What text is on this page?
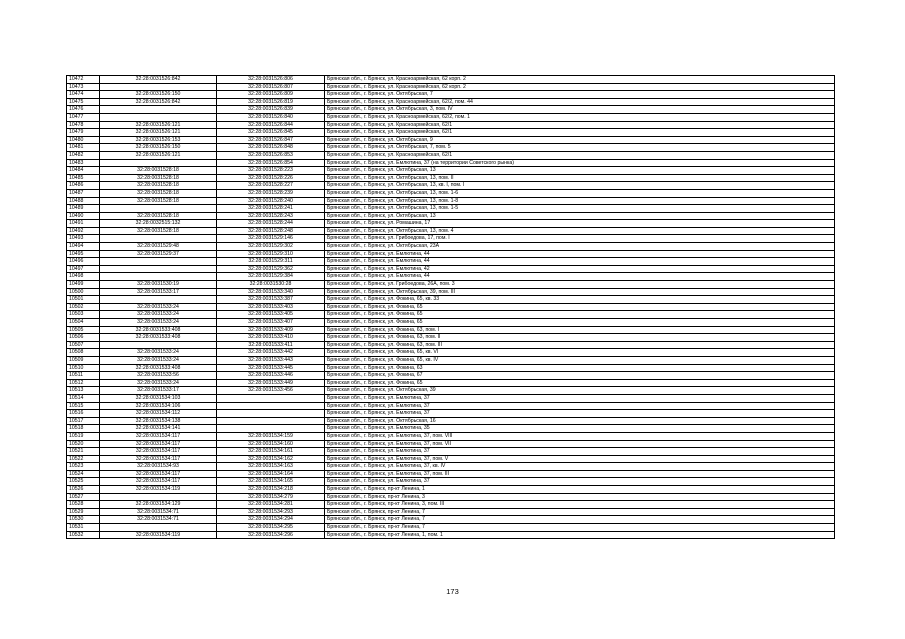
10472	32:28:0031526:842	32:28:0031526:806	Брянская обл., г. Брянск, ул. Красноармейская, 62 корп. 2
10473		32:28:0031526:807	Брянская обл., г. Брянск, ул. Красноармейская, 62 корп. 2
10474	32:28:0031526:150	32:28:0031526:809	Брянская обл., г. Брянск, ул. Октябрьская, 7
10475	32:28:0031526:842	32:28:0031526:819	Брянская обл., г. Брянск, ул. Красноармейская, 62/2, пом. 44
10476		32:28:0031526:839	Брянская обл., г. Брянск, ул. Октябрьская, 3, пом. IV
10477		32:28:0031526:840	Брянская обл., г. Брянск, ул. Красноармейская, 62/2, пом. 1
10478	32:28:0031526:121	32:28:0031526:844	Брянская обл., г. Брянск, ул. Красноармейская, 62/1
10479	32:28:0031526:121	32:28:0031526:845	Брянская обл., г. Брянск, ул. Красноармейская, 62/1
10480	32:28:0031526:153	32:28:0031526:847	Брянская обл., г. Брянск, ул. Октябрьская, 9
10481	32:28:0031526:150	32:28:0031526:848	Брянская обл., г. Брянск, ул. Октябрьская, 7, пом. 5
10482	32:28:0031526:121	32:28:0031526:853	Брянская обл., г. Брянск, ул. Красноармейская, 62/1
10483		32:28:0031526:854	Брянская обл., г. Брянск, ул. Емлютина, 37 (на территории Советского рынка)
10484	32:28:0031528:18	32:28:0031528:223	Брянская обл., г. Брянск, ул. Октябрьская, 13
10485	32:28:0031528:18	32:28:0031528:226	Брянская обл., г. Брянск, ул. Октябрьская, 13, пом. II
10486	32:28:0031528:18	32:28:0031528:227	Брянская обл., г. Брянск, ул. Октябрьская, 13, кв. I, пом. I
10487	32:28:0031528:18	32:28:0031528:239	Брянская обл., г. Брянск, ул. Октябрьская, 13, пом. 1-6
10488	32:28:0031528:18	32:28:0031528:240	Брянская обл., г. Брянск, ул. Октябрьская, 13, пом. 1-8
10489		32:28:0031528:241	Брянская обл., г. Брянск, ул. Октябрьская, 13, пом. 1-5
10490	32:28:0031528:18	32:28:0031528:243	Брянская обл., г. Брянск, ул. Октябрьская, 13
10491	32:28:0032515:132	32:28:0031528:244	Брянская обл., г. Брянск, ул. Ромашина, 17
10492	32:28:0031528:18	32:28:0031528:248	Брянская обл., г. Брянск, ул. Октябрьская, 13, пом. 4
10493		32:28:0031529:146	Брянская обл., г. Брянск, ул. Грибоедова, 17, пом. I
10494	32:28:0031529:48	32:28:0031529:302	Брянская обл., г. Брянск, ул. Октябрьская, 23А
10495	32:28:0031529:37	32:28:0031529:310	Брянская обл., г. Брянск, ул. Емлютина, 44
10496		32:28:0031529:311	Брянская обл., г. Брянск, ул. Емлютина, 44
10497		32:28:0031529:362	Брянская обл., г. Брянск, ул. Емлютина, 42
10498		32:28:0031529:384	Брянская обл., г. Брянск, ул. Емлютина, 44
10499	32:28:0031530:19	32:28:0031530:28	Брянская обл., г. Брянск, ул. Грибоедова, 26А, пом. 3
10500	32:28:0031533:17	32:28:0031533:340	Брянская обл., г. Брянск, ул. Октябрьская, 39, пом. III
10501		32:28:0031533:387	Брянская обл., г. Брянск, ул. Фокина, 65, кв. 33
10502	32:28:0031533:24	32:28:0031533:403	Брянская обл., г. Брянск, ул. Фокина, 65
10503	32:28:0031533:24	32:28:0031533:405	Брянская обл., г. Брянск, ул. Фокина, 65
10504	32:28:0031533:24	32:28:0031533:407	Брянская обл., г. Брянск, ул. Фокина, 65
10505	32:28:0031533:408	32:28:0031533:409	Брянская обл., г. Брянск, ул. Фокина, 63, пом. I
10506	32:28:0031533:408	32:28:0031533:410	Брянская обл., г. Брянск, ул. Фокина, 63, пом. II
10507		32:28:0031533:411	Брянская обл., г. Брянск, ул. Фокина, 63, пом. III
10508	32:28:0031533:24	32:28:0031533:442	Брянская обл., г. Брянск, ул. Фокина, 65, кв. VI
10509	32:28:0031533:24	32:28:0031533:443	Брянская обл., г. Брянск, ул. Фокина, 65, кв. IV
10510	32:28:0031533:408	32:28:0031533:445	Брянская обл., г. Брянск, ул. Фокина, 63
10511	32:28:0031533:56	32:28:0031533:446	Брянская обл., г. Брянск, ул. Фокина, 67
10512	32:28:0031533:24	32:28:0031533:449	Брянская обл., г. Брянск, ул. Фокина, 65
10513	32:28:0031533:17	32:28:0031533:456	Брянская обл., г. Брянск, ул. Октябрьская, 39
10514	32:28:0031534:103		Брянская обл., г. Брянск, ул. Емлютина, 37
10515	32:28:0031534:106		Брянская обл., г. Брянск, ул. Емлютина, 37
10516	32:28:0031534:112		Брянская обл., г. Брянск, ул. Емлютина, 37
10517	32:28:0031534:138		Брянская обл., г. Брянск, ул. Октябрьская, 16
10518	32:28:0031534:141		Брянская обл., г. Брянск, ул. Емлютина, 35
10519	32:28:0031534:117	32:28:0031534:159	Брянская обл., г. Брянск, ул. Емлютина, 37, пом. VIII
10520	32:28:0031534:117	32:28:0031534:160	Брянская обл., г. Брянск, ул. Емлютина, 37, пом. VII
10521	32:28:0031534:117	32:28:0031534:161	Брянская обл., г. Брянск, ул. Емлютина, 37
10522	32:28:0031534:117	32:28:0031534:162	Брянская обл., г. Брянск, ул. Емлютина, 37, пом. V
10523	32:28:0031534:93	32:28:0031534:163	Брянская обл., г. Брянск, ул. Емлютина, 37, кв. IV
10524	32:28:0031534:117	32:28:0031534:164	Брянская обл., г. Брянск, ул. Емлютина, 37, пом. III
10525	32:28:0031534:117	32:28:0031534:165	Брянская обл., г. Брянск, ул. Емлютина, 37
10526	32:28:0031534:119	32:28:0031534:218	Брянская обл., г. Брянск, пр-кт Ленина, 1
10527		32:28:0031534:279	Брянская обл., г. Брянск, пр-кт Ленина, 3
10528	32:28:0031534:129	32:28:0031534:281	Брянская обл., г. Брянск, пр-кт Ленина, 3, пом. III
10529	32:28:0031534:71	32:28:0031534:293	Брянская обл., г. Брянск, пр-кт Ленина, 7
10530	32:28:0031534:71	32:28:0031534:294	Брянская обл., г. Брянск, пр-кт Ленина, 7
10531		32:28:0031534:295	Брянская обл., г. Брянск, пр-кт Ленина, 7
10532	32:28:0031534:119	32:28:0031534:296	Брянская обл., г. Брянск, пр-кт Ленина, 1, пом. 1
173
